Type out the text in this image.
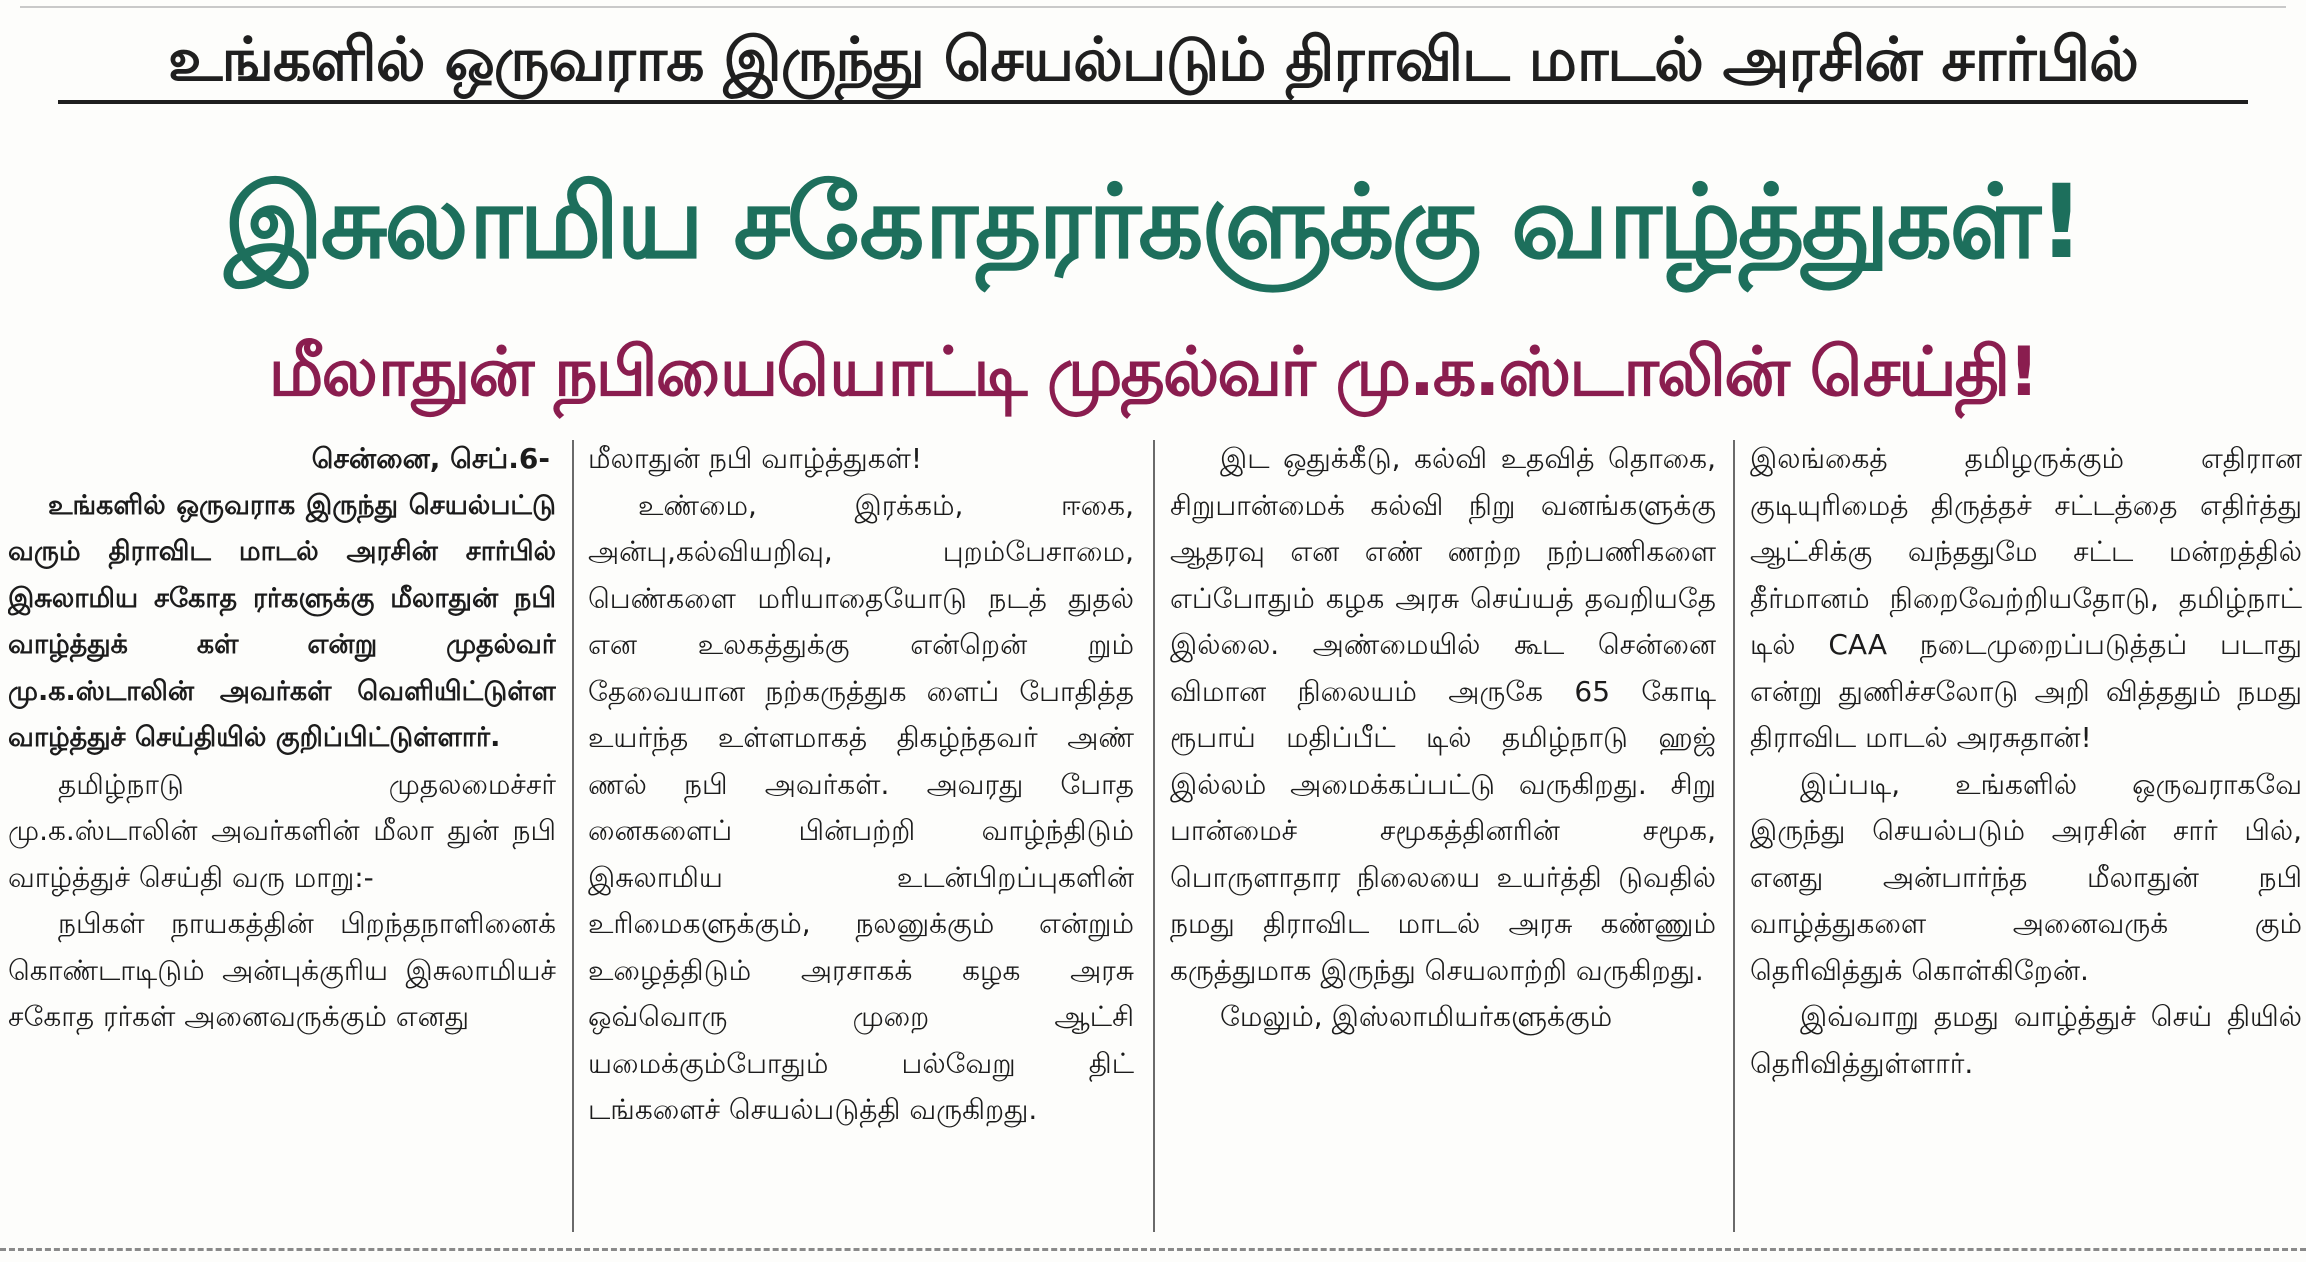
உங்களில் ஒருவராக இருந்து செயல்படும் திராவிட மாடல் அரசின் சார்பில்
இசுலாமிய சகோதரர்களுக்கு வாழ்த்துகள்!
மீலாதுன் நபியையொட்டி முதல்வர் மு.க.ஸ்டாலின் செய்தி!

சென்னை, செப்.6-

உங்களில் ஒருவராக இருந்து செயல்பட்டு வரும் திராவிட மாடல் அரசின் சார்பில் இசுலாமிய சகோத ரர்களுக்கு மீலாதுன் நபி வாழ்த்துக் கள் என்று முதல்வர் மு.க.ஸ்டாலின் அவர்கள் வெளியிட்டுள்ள வாழ்த்துச் செய்தியில் குறிப்பிட்டுள்ளார்.

தமிழ்நாடு முதலமைச்சர் மு.க.ஸ்டாலின் அவர்களின் மீலா துன் நபி வாழ்த்துச் செய்தி வரு மாறு:-

நபிகள் நாயகத்தின் பிறந்தநாளினைக் கொண்டாடிடும் அன்புக்குரிய இசுலாமியச் சகோத ரர்கள் அனைவருக்கும் எனது

மீலாதுன் நபி வாழ்த்துகள்!

உண்மை, இரக்கம், ஈகை, அன்பு,கல்வியறிவு, புறம்பேசாமை, பெண்களை மரியாதையோடு நடத் துதல் என உலகத்துக்கு என்றென் றும் தேவையான நற்கருத்துக ளைப் போதித்த உயர்ந்த உள்ளமாகத் திகழ்ந்தவர் அண் ணல் நபி அவர்கள். அவரது போத னைகளைப் பின்பற்றி வாழ்ந்திடும் இசுலாமிய உடன்பிறப்புகளின் உரிமைகளுக்கும், நலனுக்கும் என்றும் உழைத்திடும் அரசாகக் கழக அரசு ஒவ்வொரு முறை ஆட்சி யமைக்கும்போதும் பல்வேறு திட் டங்களைச் செயல்படுத்தி வருகிறது.

இட ஒதுக்கீடு, கல்வி உதவித் தொகை, சிறுபான்மைக் கல்வி நிறு வனங்களுக்கு ஆதரவு என எண் ணற்ற நற்பணிகளை எப்போதும் கழக அரசு செய்யத் தவறியதே இல்லை. அண்மையில் கூட சென்னை விமான நிலையம் அருகே 65 கோடி ரூபாய் மதிப்பீட் டில் தமிழ்நாடு ஹஜ் இல்லம் அமைக்கப்பட்டு வருகிறது. சிறு பான்மைச் சமூகத்தினரின் சமூக, பொருளாதார நிலையை உயர்த்தி டுவதில் நமது திராவிட மாடல் அரசு கண்ணும் கருத்துமாக இருந்து செயலாற்றி வருகிறது.

மேலும், இஸ்லாமியர்களுக்கும்

இலங்கைத் தமிழருக்கும் எதிரான குடியுரிமைத் திருத்தச் சட்டத்தை எதிர்த்து ஆட்சிக்கு வந்ததுமே சட்ட மன்றத்தில் தீர்மானம் நிறைவேற்றியதோடு, தமிழ்நாட் டில் CAA நடைமுறைப்படுத்தப் படாது என்று துணிச்சலோடு அறி வித்ததும் நமது திராவிட மாடல் அரசுதான்!

இப்படி, உங்களில் ஒருவராகவே இருந்து செயல்படும் அரசின் சார் பில், எனது அன்பார்ந்த மீலாதுன் நபி வாழ்த்துகளை அனைவருக் கும் தெரிவித்துக் கொள்கிறேன்.

இவ்வாறு தமது வாழ்த்துச் செய் தியில் தெரிவித்துள்ளார்.
